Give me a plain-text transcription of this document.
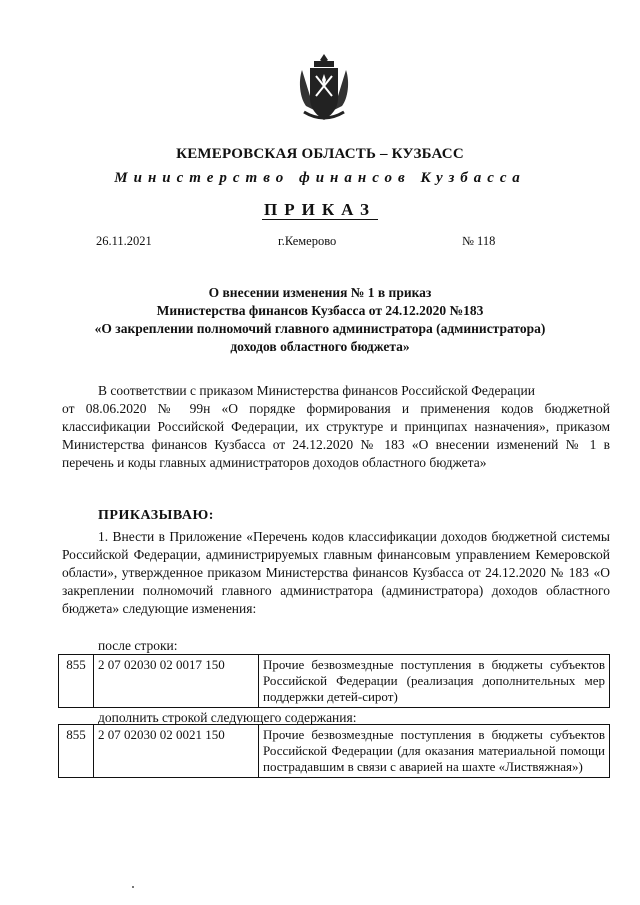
КЕМЕРОВСКАЯ ОБЛАСТЬ – КУЗБАСС
Министерство финансов Кузбасса
ПРИКАЗ
26.11.2021	г.Кемерово	№ 118
О внесении изменения № 1 в приказ
Министерства финансов Кузбасса от 24.12.2020 №183
«О закреплении полномочий главного администратора (администратора)
доходов областного бюджета»
В соответствии с приказом Министерства финансов Российской Федерации
от 08.06.2020 № 99н «О порядке формирования и применения кодов бюджетной классификации Российской Федерации, их структуре и принципах назначения», приказом Министерства финансов Кузбасса от 24.12.2020 № 183 «О внесении изменений № 1 в перечень и коды главных администраторов доходов областного бюджета»
ПРИКАЗЫВАЮ:
1. Внести в Приложение «Перечень кодов классификации доходов бюджетной системы Российской Федерации, администрируемых главным финансовым управлением Кемеровской области», утвержденное приказом Министерства финансов Кузбасса от 24.12.2020 № 183 «О закреплении полномочий главного администратора (администратора) доходов областного бюджета» следующие изменения:
после строки:
855	2 07 02030 02 0017 150	Прочие безвозмездные поступления в бюджеты субъектов Российской Федерации (реализация дополнительных мер поддержки детей-сирот)
дополнить строкой следующего содержания:
855	2 07 02030 02 0021 150	Прочие безвозмездные поступления в бюджеты субъектов Российской Федерации (для оказания материальной помощи пострадавшим в связи с аварией на шахте «Листвяжная»)
